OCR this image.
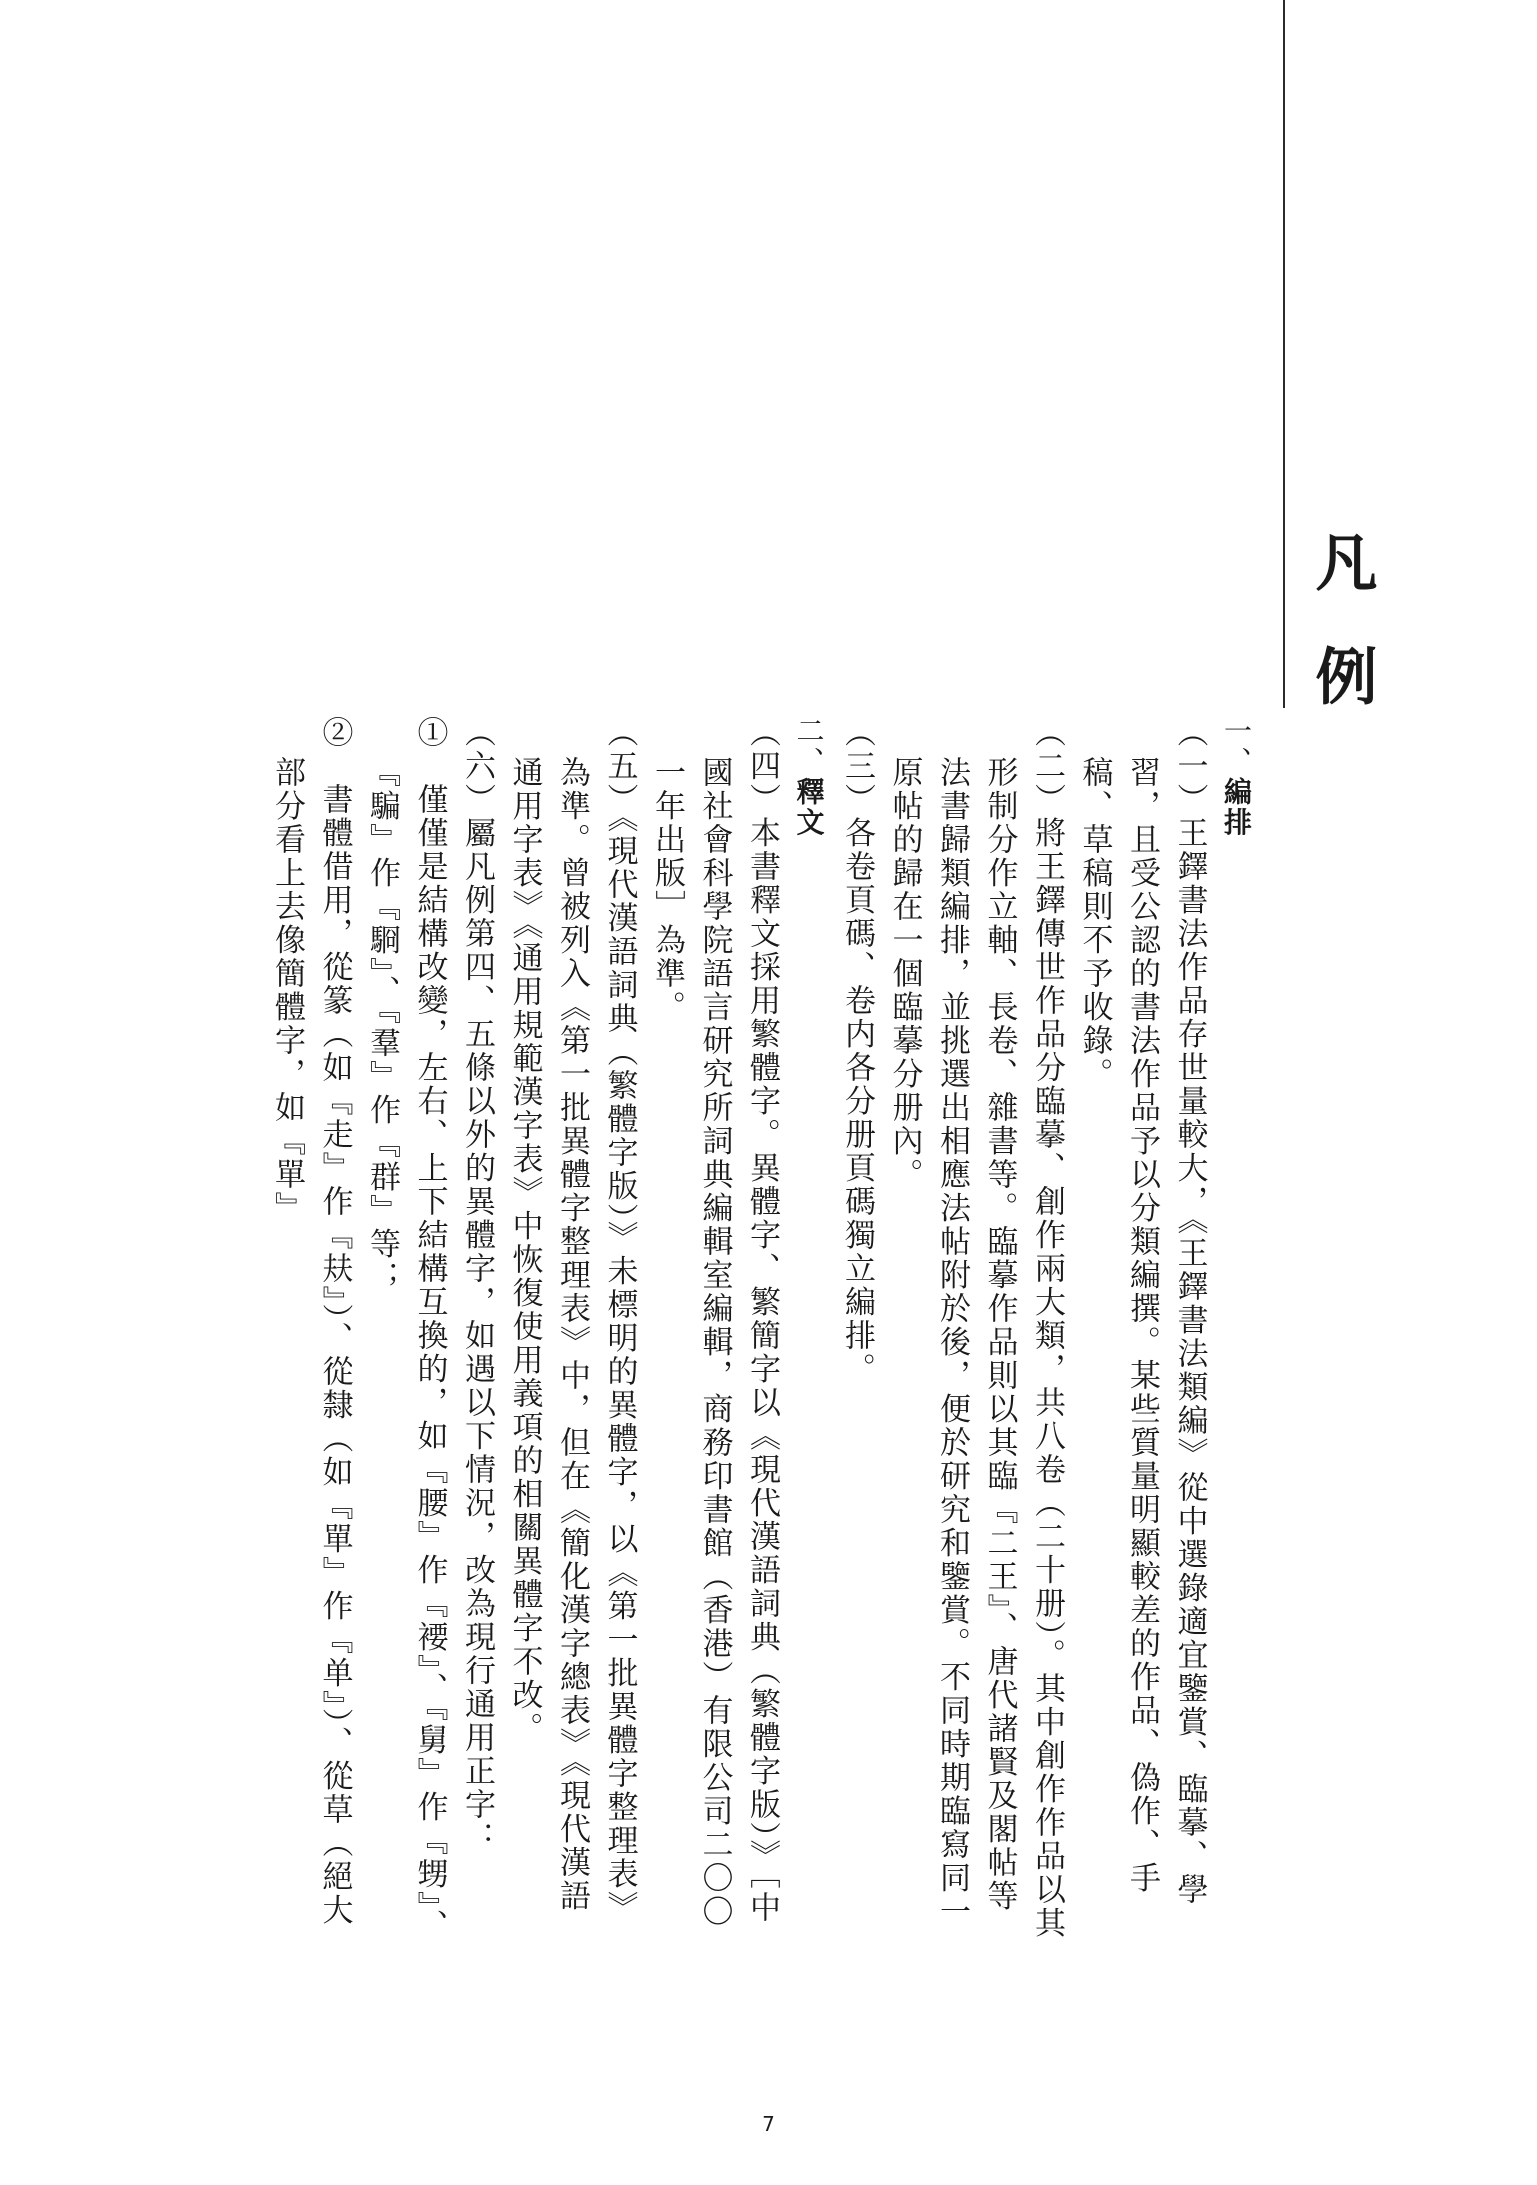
凡例

一、編排

（一）王鐸書法作品存世量較大，《王鐸書法類編》從中選錄適宜鑒賞、臨摹、學習，且受公認的書法作品予以分類編撰。某些質量明顯較差的作品、偽作、手稿、草稿則不予收錄。

（二）將王鐸傳世作品分臨摹、創作兩大類，共八卷（二十册）。其中創作作品以其形制分作立軸、長卷、雜書等。臨摹作品則以其臨『二王』、唐代諸賢及閣帖等法書歸類編排，並挑選出相應法帖附於後，便於研究和鑒賞。不同時期臨寫同一原帖的歸在一個臨摹分册內。

（三）各卷頁碼、卷内各分册頁碼獨立編排。

二、釋文

（四）本書釋文採用繁體字。異體字、繁簡字以《現代漢語詞典（繁體字版）》［中國社會科學院語言研究所詞典編輯室編輯，商務印書館（香港）有限公司二〇〇一年出版］為準。

（五）《現代漢語詞典（繁體字版）》未標明的異體字，以《第一批異體字整理表》為準。曾被列入《第一批異體字整理表》中，但在《簡化漢字總表》《現代漢語通用字表》《通用規範漢字表》中恢復使用義項的相關異體字不改。

（六）屬凡例第四、五條以外的異體字，如遇以下情況，改為現行通用正字：

①　僅僅是結構改變，左右、上下結構互換的，如『腰』作『䙅』、『舅』作『甥』、『騙』作『䮐』、『羣』作『群』等；

②　書體借用，從篆（如『走』作『㚘』）、從隸（如『單』作『单』）、從草（絕大部分看上去像簡體字，如『單』

7
